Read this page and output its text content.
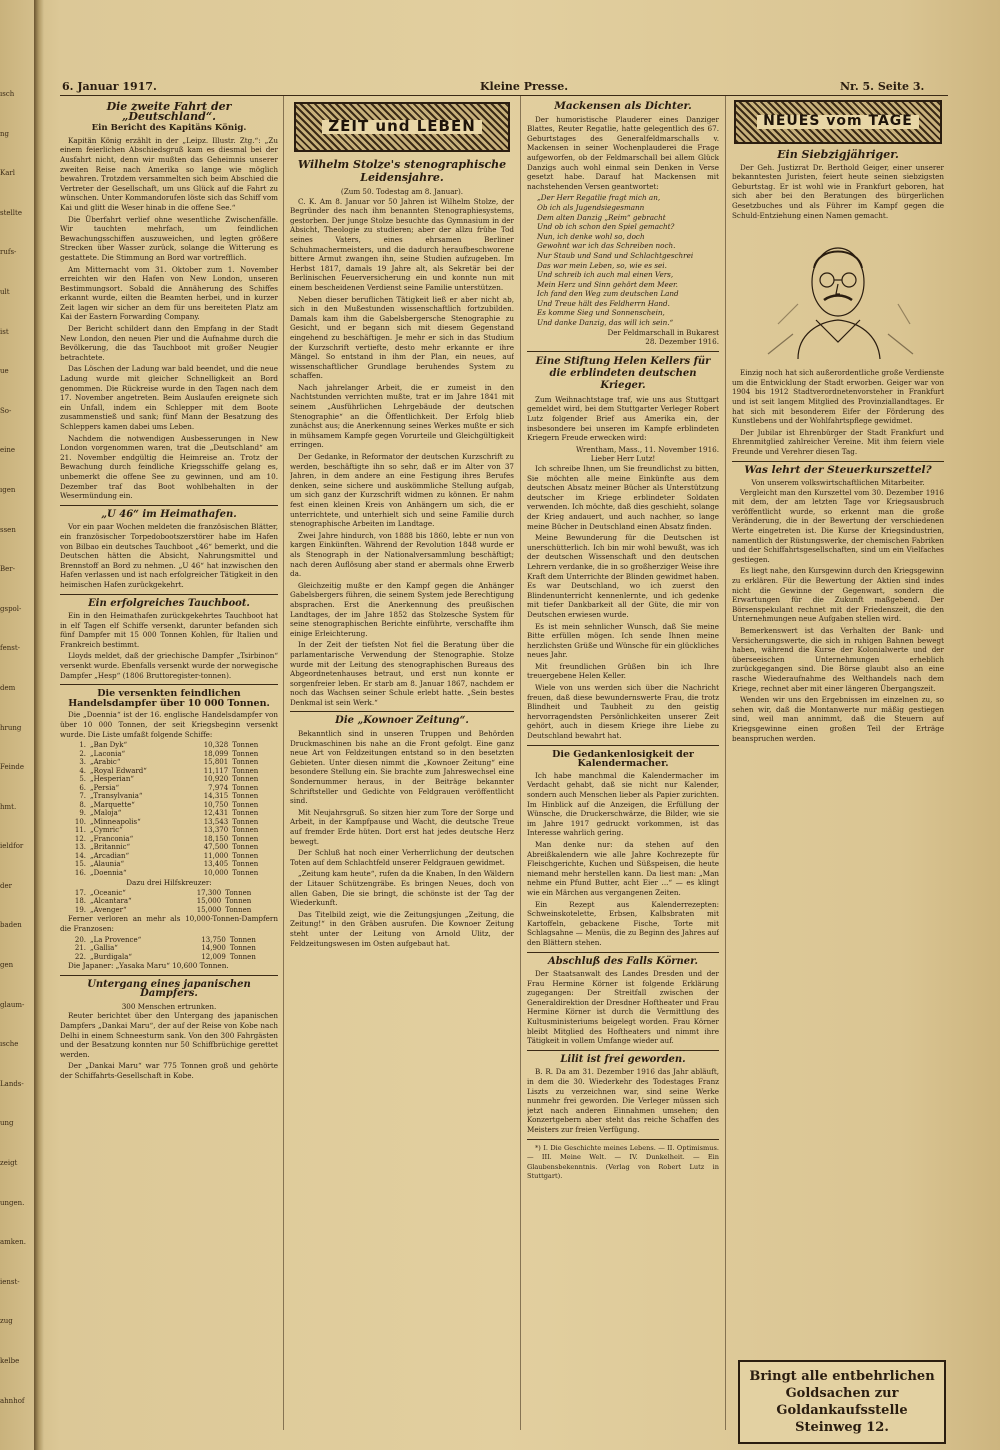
ısch
ng
Karl
stellte
rufs-
ult
ist
ue
So-
eine
ıgen
ssen
Ber-
gspol-
fenst-
dem
hrung
Feinde
hmt.
ieldfor
der
baden
gen
glaum-
ısche
Lands-
ung
zeigt
ungen.
amken.
ienst-
zug
kelbe
ahnhof
6. Januar 1917.	Kleine Presse.	Nr. 5. Seite 3.
Die zweite Fahrt der „Deutschland“.
Ein Bericht des Kapitäns König.

Kapitän König erzählt in der „Leipz. Illustr. Ztg.“: „Zu einem feierlichen Abschiedsgruß kam es diesmal bei der Ausfahrt nicht, denn wir mußten das Geheimnis unserer zweiten Reise nach Amerika so lange wie möglich bewahren. Trotzdem versammelten sich beim Abschied die Vertreter der Gesellschaft, um uns Glück auf die Fahrt zu wünschen. Unter Kommandorufen löste sich das Schiff vom Kai und glitt die Weser hinab in die offene See.“

Die Überfahrt verlief ohne wesentliche Zwischenfälle. Wir tauchten mehrfach, um feindlichen Bewachungsschiffen auszuweichen, und legten größere Strecken über Wasser zurück, solange die Witterung es gestattete. Die Stimmung an Bord war vortrefflich.

Am Mitternacht vom 31. Oktober zum 1. November erreichten wir den Hafen von New London, unseren Bestimmungsort. Sobald die Annäherung des Schiffes erkannt wurde, eilten die Beamten herbei, und in kurzer Zeit lagen wir sicher an dem für uns bereiteten Platz am Kai der Eastern Forwarding Company.

Der Bericht schildert dann den Empfang in der Stadt New London, den neuen Pier und die Aufnahme durch die Bevölkerung, die das Tauchboot mit großer Neugier betrachtete.

Das Löschen der Ladung war bald beendet, und die neue Ladung wurde mit gleicher Schnelligkeit an Bord genommen. Die Rückreise wurde in den Tagen nach dem 17. November angetreten. Beim Auslaufen ereignete sich ein Unfall, indem ein Schlepper mit dem Boote zusammenstieß und sank; fünf Mann der Besatzung des Schleppers kamen dabei ums Leben.

Nachdem die notwendigen Ausbesserungen in New London vorgenommen waren, trat die „Deutschland“ am 21. November endgültig die Heimreise an. Trotz der Bewachung durch feindliche Kriegsschiffe gelang es, unbemerkt die offene See zu gewinnen, und am 10. Dezember traf das Boot wohlbehalten in der Wesermündung ein.

„U 46“ im Heimathafen.

Vor ein paar Wochen meldeten die französischen Blätter, ein französischer Torpedobootszerstörer habe im Hafen von Bilbao ein deutsches Tauchboot „46“ bemerkt, und die Deutschen hätten die Absicht, Nahrungsmittel und Brennstoff an Bord zu nehmen. „U 46“ hat inzwischen den Hafen verlassen und ist nach erfolgreicher Tätigkeit in den heimischen Hafen zurückgekehrt.

Ein erfolgreiches Tauchboot.

Ein in den Heimathafen zurückgekehrtes Tauchboot hat in elf Tagen elf Schiffe versenkt, darunter befanden sich fünf Dampfer mit 15 000 Tonnen Kohlen, für Italien und Frankreich bestimmt.

Lloyds meldet, daß der griechische Dampfer „Tsirbinon“ versenkt wurde. Ebenfalls versenkt wurde der norwegische Dampfer „Hesp“ (1806 Bruttoregister-tonnen).

Die versenkten feindlichen Handelsdampfer über 10 000 Tonnen.

Die „Doennia“ ist der 16. englische Handelsdampfer von über 10 000 Tonnen, der seit Kriegsbeginn versenkt wurde. Die Liste umfaßt folgende Schiffe:

1.	„Ban Dyk“	10,328	Tonnen
2.	„Laconia“	18,099	Tonnen
3.	„Arabic“	15,801	Tonnen
4.	„Royal Edward“	11,117	Tonnen
5.	„Hesperian“	10,920	Tonnen
6.	„Persia“	7,974	Tonnen
7.	„Transylvania“	14,315	Tonnen
8.	„Marquette“	10,750	Tonnen
9.	„Maloja“	12,431	Tonnen
10.	„Minneapolis“	13,543	Tonnen
11.	„Cymric“	13,370	Tonnen
12.	„Franconia“	18,150	Tonnen
13.	„Britannic“	47,500	Tonnen
14.	„Arcadian“	11,000	Tonnen
15.	„Alaunia“	13,405	Tonnen
16.	„Doennia“	10,000	Tonnen
Dazu drei Hilfskreuzer:
17.	„Oceanic“	17,300	Tonnen
18.	„Alcantara“	15,000	Tonnen
19.	„Avenger“	15,000	Tonnen

Ferner verloren an mehr als 10,000-Tonnen-Dampfern die Franzosen:

20.	„La Provence“	13,750	Tonnen
21.	„Gallia“	14,900	Tonnen
22.	„Burdigala“	12,009	Tonnen

Die Japaner: „Yasaka Maru“ 10,600 Tonnen.

Untergang eines japanischen Dampfers.
300 Menschen ertrunken.

Reuter berichtet über den Untergang des japanischen Dampfers „Dankai Maru“, der auf der Reise von Kobe nach Delhi in einem Schneesturm sank. Von den 300 Fahrgästen und der Besatzung konnten nur 50 Schiffbrüchige gerettet werden.

Der „Dankai Maru“ war 775 Tonnen groß und gehörte der Schiffahrts-Gesellschaft in Kobe.

ZEIT und LEBEN
Wilhelm Stolze's stenographische Leidensjahre.
(Zum 50. Todestag am 8. Januar).

C. K. Am 8. Januar vor 50 Jahren ist Wilhelm Stolze, der Begründer des nach ihm benannten Stenographiesystems, gestorben. Der junge Stolze besuchte das Gymnasium in der Absicht, Theologie zu studieren; aber der allzu frühe Tod seines Vaters, eines ehrsamen Berliner Schuhmachermeisters, und die dadurch heraufbeschworene bittere Armut zwangen ihn, seine Studien aufzugeben. Im Herbst 1817, damals 19 Jahre alt, als Sekretär bei der Berlinischen Feuerversicherung ein und konnte nun mit einem bescheidenen Verdienst seine Familie unterstützen.

Neben dieser beruflichen Tätigkeit ließ er aber nicht ab, sich in den Mußestunden wissenschaftlich fortzubilden. Damals kam ihm die Gabelsbergersche Stenographie zu Gesicht, und er begann sich mit diesem Gegenstand eingehend zu beschäftigen. Je mehr er sich in das Studium der Kurzschrift vertiefte, desto mehr erkannte er ihre Mängel. So entstand in ihm der Plan, ein neues, auf wissenschaftlicher Grundlage beruhendes System zu schaffen.

Nach jahrelanger Arbeit, die er zumeist in den Nachtstunden verrichten mußte, trat er im Jahre 1841 mit seinem „Ausführlichen Lehrgebäude der deutschen Stenographie“ an die Öffentlichkeit. Der Erfolg blieb zunächst aus; die Anerkennung seines Werkes mußte er sich in mühsamem Kampfe gegen Vorurteile und Gleichgültigkeit erringen.

Der Gedanke, in Reformator der deutschen Kurzschrift zu werden, beschäftigte ihn so sehr, daß er im Alter von 37 Jahren, in dem andere an eine Festigung ihres Berufes denken, seine sichere und auskömmliche Stellung aufgab, um sich ganz der Kurzschrift widmen zu können. Er nahm fest einen kleinen Kreis von Anhängern um sich, die er unterrichtete, und unterhielt sich und seine Familie durch stenographische Arbeiten im Landtage.

Zwei Jahre hindurch, von 1888 bis 1860, lebte er nun von kargen Einkünften. Während der Revolution 1848 wurde er als Stenograph in der Nationalversammlung beschäftigt; nach deren Auflösung aber stand er abermals ohne Erwerb da.

Gleichzeitig mußte er den Kampf gegen die Anhänger Gabelsbergers führen, die seinem System jede Berechtigung absprachen. Erst die Anerkennung des preußischen Landtages, der im Jahre 1852 das Stolzesche System für seine stenographischen Berichte einführte, verschaffte ihm einige Erleichterung.

In der Zeit der tiefsten Not fiel die Beratung über die parlamentarische Verwendung der Stenographie. Stolze wurde mit der Leitung des stenographischen Bureaus des Abgeordnetenhauses betraut, und erst nun konnte er sorgenfreier leben. Er starb am 8. Januar 1867, nachdem er noch das Wachsen seiner Schule erlebt hatte. „Sein bestes Denkmal ist sein Werk.“

Die „Kownoer Zeitung“.

Bekanntlich sind in unseren Truppen und Behörden Druckmaschinen bis nahe an die Front gefolgt. Eine ganz neue Art von Feldzeitungen entstand so in den besetzten Gebieten. Unter diesen nimmt die „Kownoer Zeitung“ eine besondere Stellung ein. Sie brachte zum Jahreswechsel eine Sondernummer heraus, in der Beiträge bekannter Schriftsteller und Gedichte von Feldgrauen veröffentlicht sind.

Mit Neujahrsgruß. So sitzen hier zum Tore der Sorge und Arbeit, in der Kampfpause und Wacht, die deutsche Treue auf fremder Erde hüten. Dort erst hat jedes deutsche Herz bewegt.

Der Schluß hat noch einer Verherrlichung der deutschen Toten auf dem Schlachtfeld unserer Feldgrauen gewidmet.

„Zeitung kam heute“, rufen da die Knaben, In den Wäldern der Litauer Schützengräbe. Es bringen Neues, doch von allen Gaben, Die sie bringt, die schönste ist der Tag der Wiederkunft.

Das Titelbild zeigt, wie die Zeitungsjungen „Zeitung, die Zeitung!“ in den Gräben ausrufen. Die Kownoer Zeitung steht unter der Leitung von Arnold Ulitz, der Feldzeitungswesen im Osten aufgebaut hat.

Mackensen als Dichter.

Der humoristische Plauderer eines Danziger Blattes, Reuter Regatlie, hatte gelegentlich des 67. Geburtstages des Generalfeldmarschalls v. Mackensen in seiner Wochenplauderei die Frage aufgeworfen, ob der Feldmarschall bei allem Glück Danzigs auch wohl einmal sein Denken in Verse gesetzt habe. Darauf hat Mackensen mit nachstehenden Versen geantwortet:

„Der Herr Regatlie fragt mich an,
Ob ich als Jugendsiegesmann
Dem alten Danzig „Reim“ gebracht
Und ob ich schon den Spiel gemacht?
Nun, ich denke wohl so, doch
Gewohnt war ich das Schreiben noch.
Nur Staub und Sand und Schlachtgeschrei
Das war mein Leben, so, wie es sei.
Und schreib ich auch mal einen Vers,
Mein Herz und Sinn gehört dem Meer.
Ich fand den Weg zum deutschen Land
Und Treue hält des Feldherrn Hand.
Es komme Sieg und Sonnenschein,
Und danke Danzig, das will ich sein.“
Der Feldmarschall in Bukarest
28. Dezember 1916.
Eine Stiftung Helen Kellers für die erblindeten deutschen Krieger.

Zum Weihnachtstage traf, wie uns aus Stuttgart gemeldet wird, bei dem Stuttgarter Verleger Robert Lutz folgender Brief aus Amerika ein, der insbesondere bei unseren im Kampfe erblindeten Kriegern Freude erwecken wird:

Wrentham, Mass., 11. November 1916.
Lieber Herr Lutz!

Ich schreibe Ihnen, um Sie freundlichst zu bitten, Sie möchten alle meine Einkünfte aus dem deutschen Absatz meiner Bücher als Unterstützung deutscher im Kriege erblindeter Soldaten verwenden. Ich möchte, daß dies geschieht, solange der Krieg andauert, und auch nachher, so lange meine Bücher in Deutschland einen Absatz finden.

Meine Bewunderung für die Deutschen ist unerschütterlich. Ich bin mir wohl bewußt, was ich der deutschen Wissenschaft und den deutschen Lehrern verdanke, die in so großherziger Weise ihre Kraft dem Unterrichte der Blinden gewidmet haben. Es war Deutschland, wo ich zuerst den Blindenunterricht kennenlernte, und ich gedenke mit tiefer Dankbarkeit all der Güte, die mir von Deutschen erwiesen wurde.

Es ist mein sehnlicher Wunsch, daß Sie meine Bitte erfüllen mögen. Ich sende Ihnen meine herzlichsten Grüße und Wünsche für ein glückliches neues Jahr.

Mit freundlichen Grüßen bin ich Ihre treuergebene Helen Keller.

Wiele von uns werden sich über die Nachricht freuen, daß diese bewundernswerte Frau, die trotz Blindheit und Taubheit zu den geistig hervorragendsten Persönlichkeiten unserer Zeit gehört, auch in diesem Kriege ihre Liebe zu Deutschland bewahrt hat.

Die Gedankenlosigkeit der Kalendermacher.

Ich habe manchmal die Kalendermacher im Verdacht gehabt, daß sie nicht nur Kalender, sondern auch Menschen lieber als Papier zurichten. Im Hinblick auf die Anzeigen, die Erfüllung der Wünsche, die Druckerschwärze, die Bilder, wie sie im Jahre 1917 gedruckt vorkommen, ist das Interesse wahrlich gering.

Man denke nur: da stehen auf den Abreißkalendern wie alle Jahre Kochrezepte für Fleischgerichte, Kuchen und Süßspeisen, die heute niemand mehr herstellen kann. Da liest man: „Man nehme ein Pfund Butter, acht Eier ...“ — es klingt wie ein Märchen aus vergangenen Zeiten.

Ein Rezept aus Kalenderrezepten: Schweinskotelette, Erbsen, Kalbsbraten mit Kartoffeln, gebackene Fische, Torte mit Schlagsahne — Menüs, die zu Beginn des Jahres auf den Blättern stehen.

Abschluß des Falls Körner.

Der Staatsanwalt des Landes Dresden und der Frau Hermine Körner ist folgende Erklärung zugegangen: Der Streitfall zwischen der Generaldirektion der Dresdner Hoftheater und Frau Hermine Körner ist durch die Vermittlung des Kultusministeriums beigelegt worden. Frau Körner bleibt Mitglied des Hoftheaters und nimmt ihre Tätigkeit in vollem Umfange wieder auf.

Lilit ist frei geworden.

B. R. Da am 31. Dezember 1916 das Jahr abläuft, in dem die 30. Wiederkehr des Todestages Franz Liszts zu verzeichnen war, sind seine Werke nunmehr frei geworden. Die Verleger müssen sich jetzt nach anderen Einnahmen umsehen; den Konzertgebern aber steht das reiche Schaffen des Meisters zur freien Verfügung.

*) I. Die Geschichte meines Lebens. — II. Optimismus. — III. Meine Welt. — IV. Dunkelheit. — Ein Glaubensbekenntnis. (Verlag von Robert Lutz in Stuttgart).

NEUES vom TAGE
Ein Siebzigjähriger.

Der Geh. Justizrat Dr. Berthold Geiger, einer unserer bekanntesten Juristen, feiert heute seinen siebzigsten Geburtstag. Er ist wohl wie in Frankfurt geboren, hat sich aber bei den Beratungen des bürgerlichen Gesetzbuches und als Führer im Kampf gegen die Schuld-Entziehung einen Namen gemacht.

Einzig noch hat sich außerordentliche große Verdienste um die Entwicklung der Stadt erworben. Geiger war von 1904 bis 1912 Stadtverordnetenvorsteher in Frankfurt und ist seit langem Mitglied des Provinziallandtages. Er hat sich mit besonderem Eifer der Förderung des Kunstlebens und der Wohlfahrtspflege gewidmet.

Der Jubilar ist Ehrenbürger der Stadt Frankfurt und Ehrenmitglied zahlreicher Vereine. Mit ihm feiern viele Freunde und Verehrer diesen Tag.

Was lehrt der Steuerkurszettel?
Von unserem volkswirtschaftlichen Mitarbeiter.

Vergleicht man den Kurszettel vom 30. Dezember 1916 mit dem, der am letzten Tage vor Kriegsausbruch veröffentlicht wurde, so erkennt man die große Veränderung, die in der Bewertung der verschiedenen Werte eingetreten ist. Die Kurse der Kriegsindustrien, namentlich der Rüstungswerke, der chemischen Fabriken und der Schiffahrtsgesellschaften, sind um ein Vielfaches gestiegen.

Es liegt nahe, den Kursgewinn durch den Kriegsgewinn zu erklären. Für die Bewertung der Aktien sind indes nicht die Gewinne der Gegenwart, sondern die Erwartungen für die Zukunft maßgebend. Der Börsenspekulant rechnet mit der Friedenszeit, die den Unternehmungen neue Aufgaben stellen wird.

Bemerkenswert ist das Verhalten der Bank- und Versicherungswerte, die sich in ruhigen Bahnen bewegt haben, während die Kurse der Kolonialwerte und der überseeischen Unternehmungen erheblich zurückgegangen sind. Die Börse glaubt also an eine rasche Wiederaufnahme des Welthandels nach dem Kriege, rechnet aber mit einer längeren Übergangszeit.

Wenden wir uns den Ergebnissen im einzelnen zu, so sehen wir, daß die Montanwerte nur mäßig gestiegen sind, weil man annimmt, daß die Steuern auf Kriegsgewinne einen großen Teil der Erträge beanspruchen werden.

Bringt alle entbehrlichen Goldsachen zur Goldankaufsstelle Steinweg 12.
